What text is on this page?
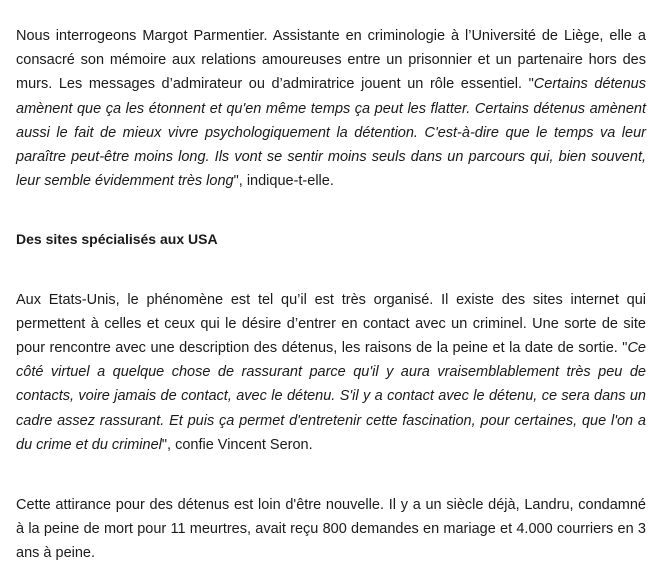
Nous interrogeons Margot Parmentier. Assistante en criminologie à l’Université de Liège, elle a consacré son mémoire aux relations amoureuses entre un prisonnier et un partenaire hors des murs. Les messages d’admirateur ou d’admiratrice jouent un rôle essentiel. "Certains détenus amènent que ça les étonnent et qu'en même temps ça peut les flatter. Certains détenus amènent aussi le fait de mieux vivre psychologiquement la détention. C'est-à-dire que le temps va leur paraître peut-être moins long. Ils vont se sentir moins seuls dans un parcours qui, bien souvent, leur semble évidemment très long", indique-t-elle.

Des sites spécialisés aux USA

Aux Etats-Unis, le phénomène est tel qu’il est très organisé. Il existe des sites internet qui permettent à celles et ceux qui le désire d’entrer en contact avec un criminel. Une sorte de site pour rencontre avec une description des détenus, les raisons de la peine et la date de sortie. "Ce côté virtuel a quelque chose de rassurant parce qu'il y aura vraisemblablement très peu de contacts, voire jamais de contact, avec le détenu. S'il y a contact avec le détenu, ce sera dans un cadre assez rassurant. Et puis ça permet d'entretenir cette fascination, pour certaines, que l'on a du crime et du criminel", confie Vincent Seron.

Cette attirance pour des détenus est loin d'être nouvelle. Il y a un siècle déjà, Landru, condamné à la peine de mort pour 11 meurtres, avait reçu 800 demandes en mariage et 4.000 courriers en 3 ans à peine.
